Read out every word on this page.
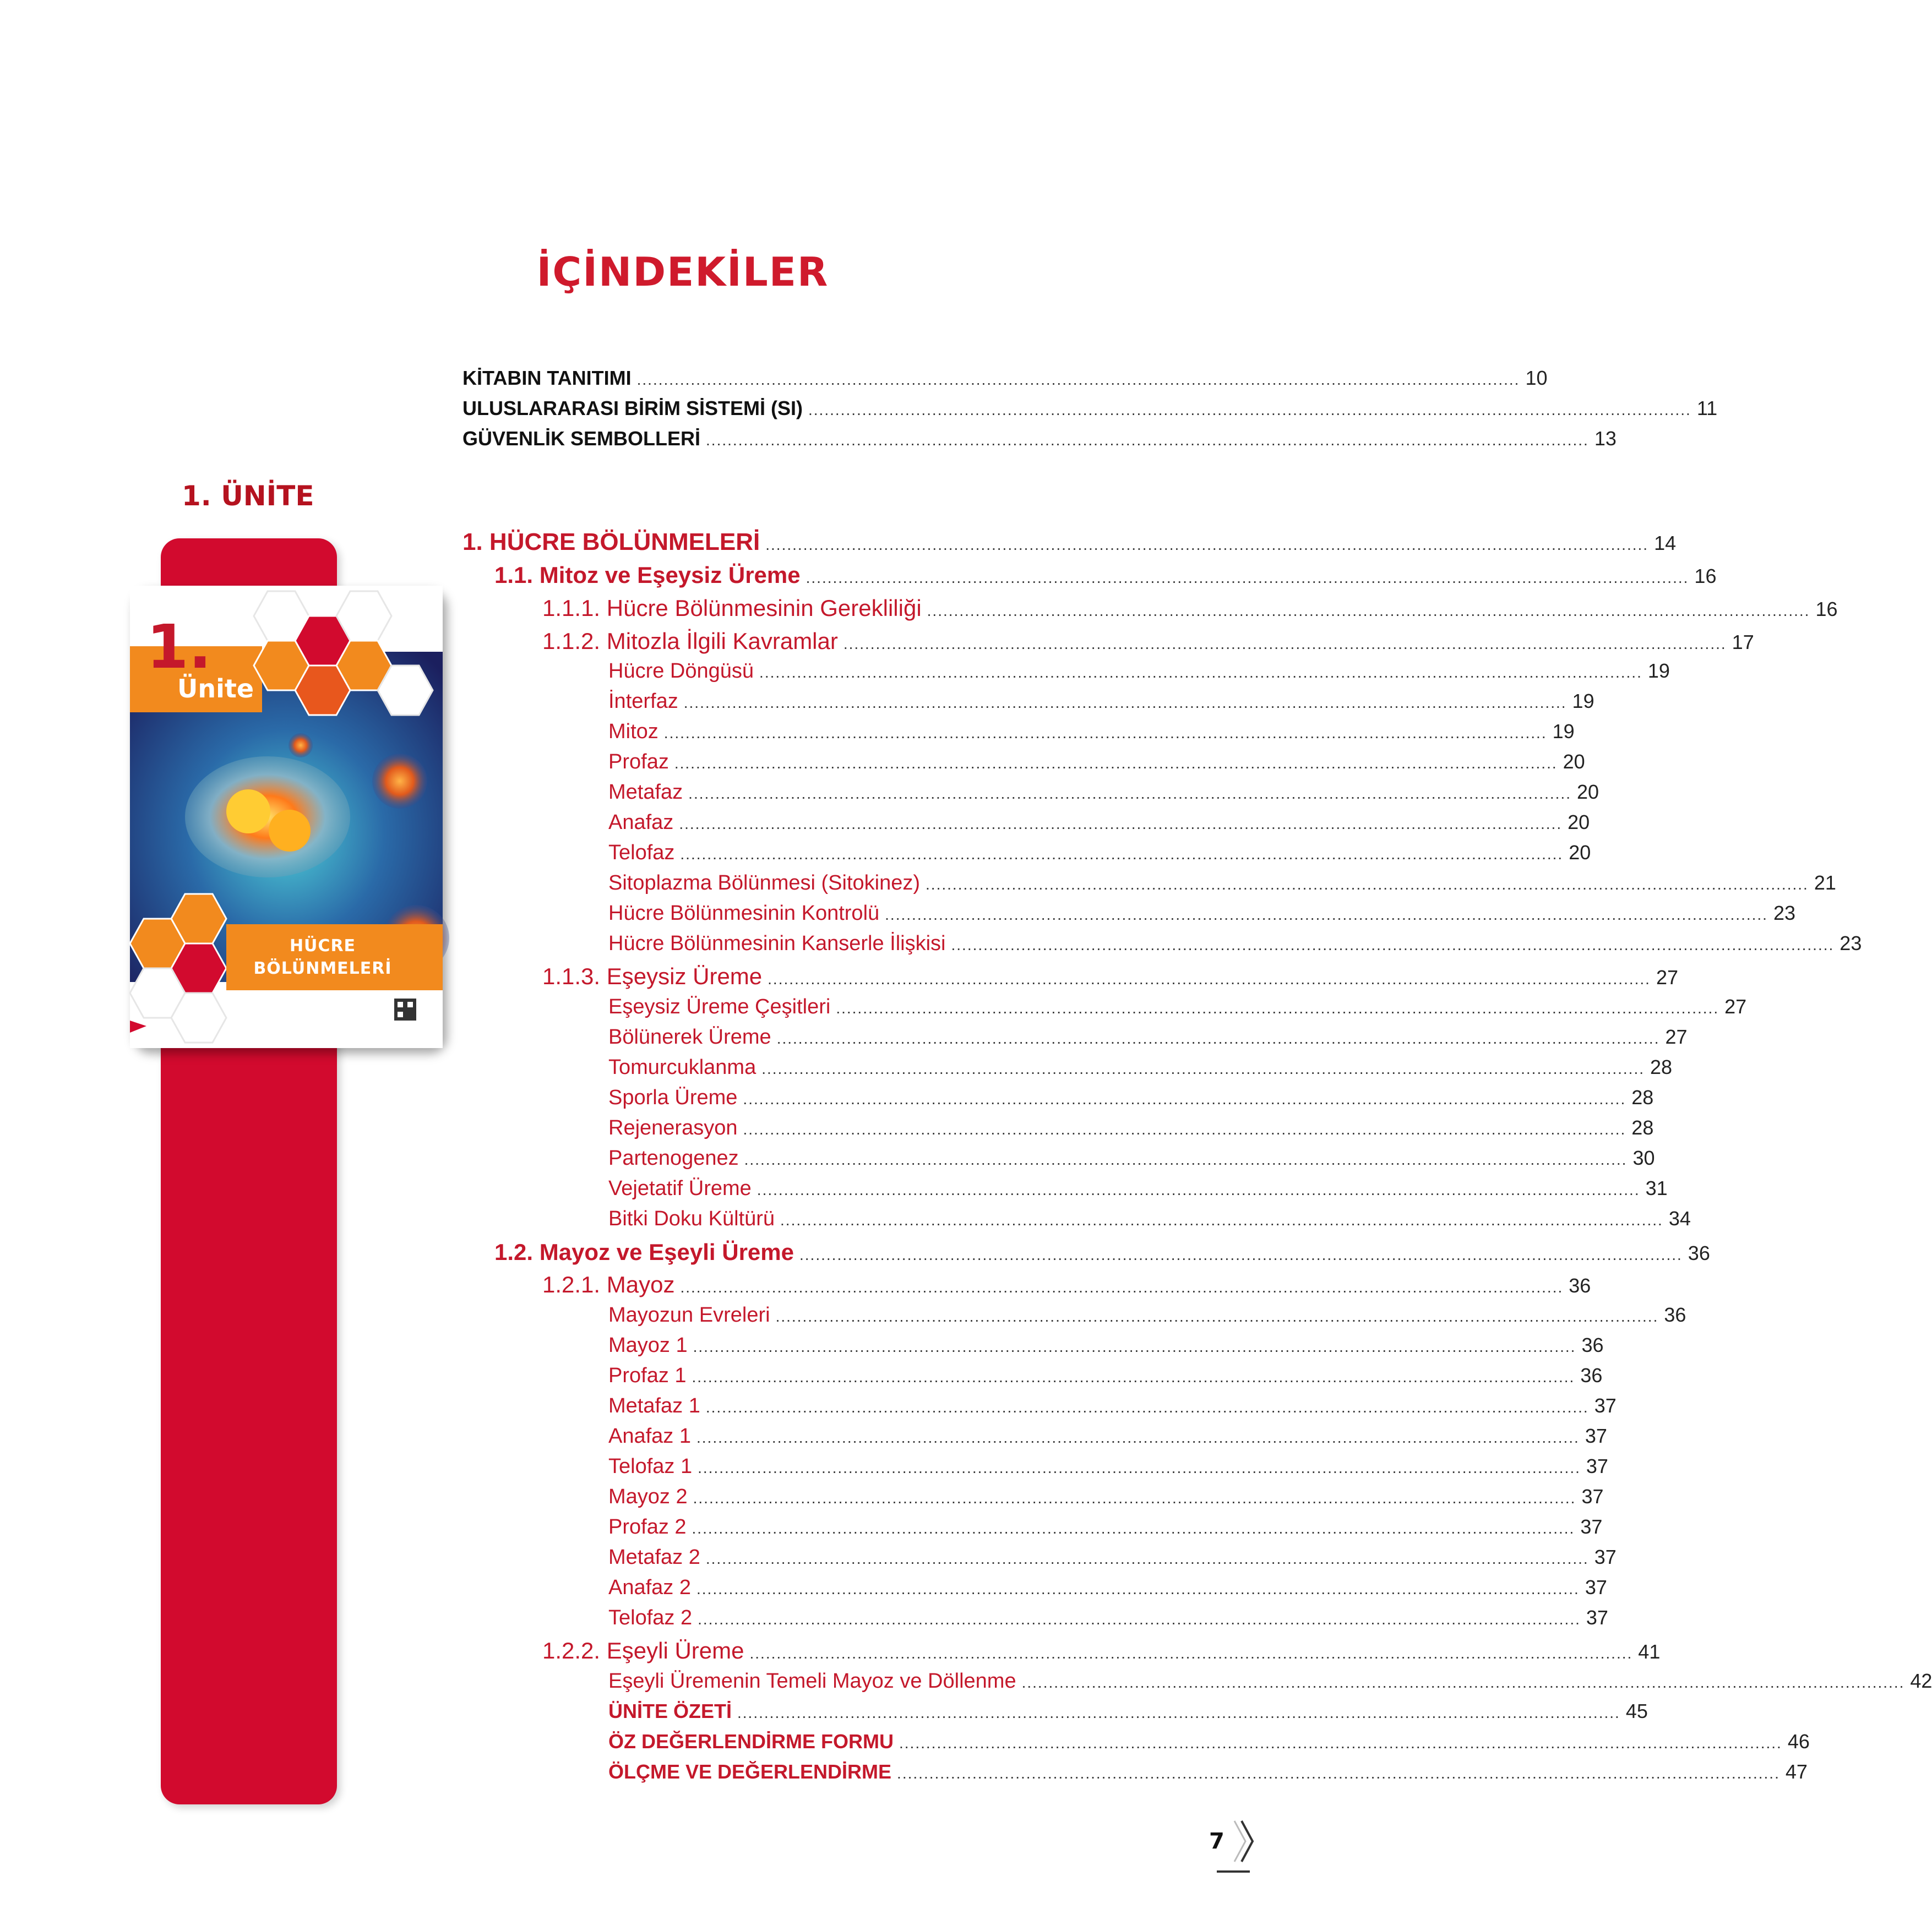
İÇİNDEKİLER
1. ÜNİTE
1.
Ünite
HÜCRE
BÖLÜNMELERİ
KİTABIN TANITIMI .................................................................................................................................................................... 10
ULUSLARARASI BİRİM SİSTEMİ (SI) .................................................................................................................................................................... 11
GÜVENLİK SEMBOLLERİ .................................................................................................................................................................... 13
1. HÜCRE BÖLÜNMELERİ .................................................................................................................................................................... 14
1.1. Mitoz ve Eşeysiz Üreme .................................................................................................................................................................... 16
1.1.1. Hücre Bölünmesinin Gerekliliği .................................................................................................................................................................... 16
1.1.2. Mitozla İlgili Kavramlar .................................................................................................................................................................... 17
Hücre Döngüsü .................................................................................................................................................................... 19
İnterfaz .................................................................................................................................................................... 19
Mitoz .................................................................................................................................................................... 19
Profaz .................................................................................................................................................................... 20
Metafaz .................................................................................................................................................................... 20
Anafaz .................................................................................................................................................................... 20
Telofaz .................................................................................................................................................................... 20
Sitoplazma Bölünmesi (Sitokinez) .................................................................................................................................................................... 21
Hücre Bölünmesinin Kontrolü .................................................................................................................................................................... 23
Hücre Bölünmesinin Kanserle İlişkisi .................................................................................................................................................................... 23
1.1.3. Eşeysiz Üreme .................................................................................................................................................................... 27
Eşeysiz Üreme Çeşitleri .................................................................................................................................................................... 27
Bölünerek Üreme .................................................................................................................................................................... 27
Tomurcuklanma .................................................................................................................................................................... 28
Sporla Üreme .................................................................................................................................................................... 28
Rejenerasyon .................................................................................................................................................................... 28
Partenogenez .................................................................................................................................................................... 30
Vejetatif Üreme .................................................................................................................................................................... 31
Bitki Doku Kültürü .................................................................................................................................................................... 34
1.2. Mayoz ve Eşeyli Üreme .................................................................................................................................................................... 36
1.2.1. Mayoz .................................................................................................................................................................... 36
Mayozun Evreleri .................................................................................................................................................................... 36
Mayoz 1 .................................................................................................................................................................... 36
Profaz 1 .................................................................................................................................................................... 36
Metafaz 1 .................................................................................................................................................................... 37
Anafaz 1 .................................................................................................................................................................... 37
Telofaz 1 .................................................................................................................................................................... 37
Mayoz 2 .................................................................................................................................................................... 37
Profaz 2 .................................................................................................................................................................... 37
Metafaz 2 .................................................................................................................................................................... 37
Anafaz 2 .................................................................................................................................................................... 37
Telofaz 2 .................................................................................................................................................................... 37
1.2.2. Eşeyli Üreme .................................................................................................................................................................... 41
Eşeyli Üremenin Temeli Mayoz ve Döllenme .................................................................................................................................................................... 42
ÜNİTE ÖZETİ .................................................................................................................................................................... 45
ÖZ DEĞERLENDİRME FORMU .................................................................................................................................................................... 46
ÖLÇME VE DEĞERLENDİRME .................................................................................................................................................................... 47
7
